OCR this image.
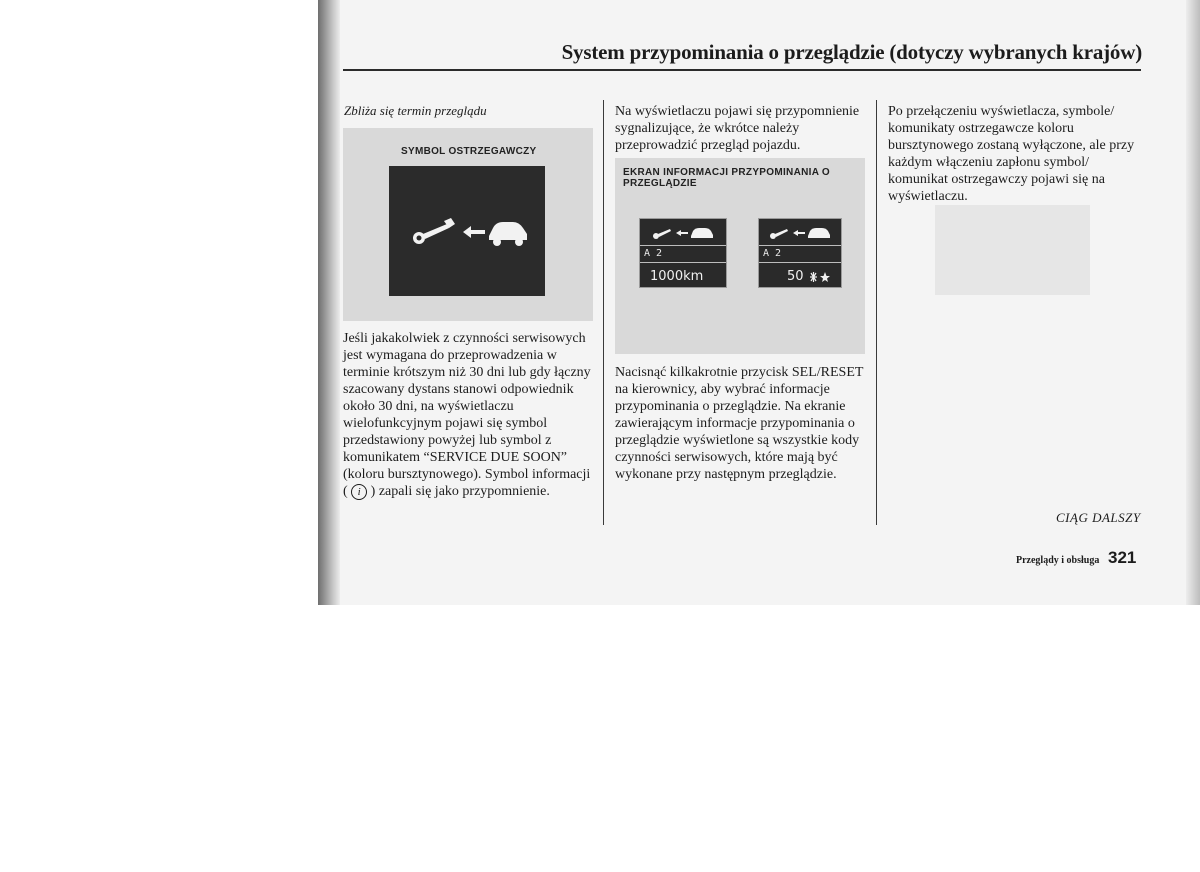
System przypominania o przeglądzie (dotyczy wybranych krajów)
Zbliża się termin przeglądu
SYMBOL OSTRZEGAWCZY
Jeśli jakakolwiek z czynności serwisowych
jest wymagana do przeprowadzenia w
terminie krótszym niż 30 dni lub gdy łączny
szacowany dystans stanowi odpowiednik
około 30 dni, na wyświetlaczu
wielofunkcyjnym pojawi się symbol
przedstawiony powyżej lub symbol z
komunikatem “SERVICE DUE SOON”
(koloru bursztynowego). Symbol informacji
( i ) zapali się jako przypomnienie.
Na wyświetlaczu pojawi się przypomnienie
sygnalizujące, że wkrótce należy
przeprowadzić przegląd pojazdu.
EKRAN INFORMACJI PRZYPOMINANIA O
PRZEGLĄDZIE
A 2
1000km
A 2
50
Nacisnąć kilkakrotnie przycisk SEL/RESET
na kierownicy, aby wybrać informacje
przypominania o przeglądzie. Na ekranie
zawierającym informacje przypominania o
przeglądzie wyświetlone są wszystkie kody
czynności serwisowych, które mają być
wykonane przy następnym przeglądzie.
Po przełączeniu wyświetlacza, symbole/
komunikaty ostrzegawcze koloru
bursztynowego zostaną wyłączone, ale przy
każdym włączeniu zapłonu symbol/
komunikat ostrzegawczy pojawi się na
wyświetlaczu.
CIĄG DALSZY
Przeglądy i obsługa 321
